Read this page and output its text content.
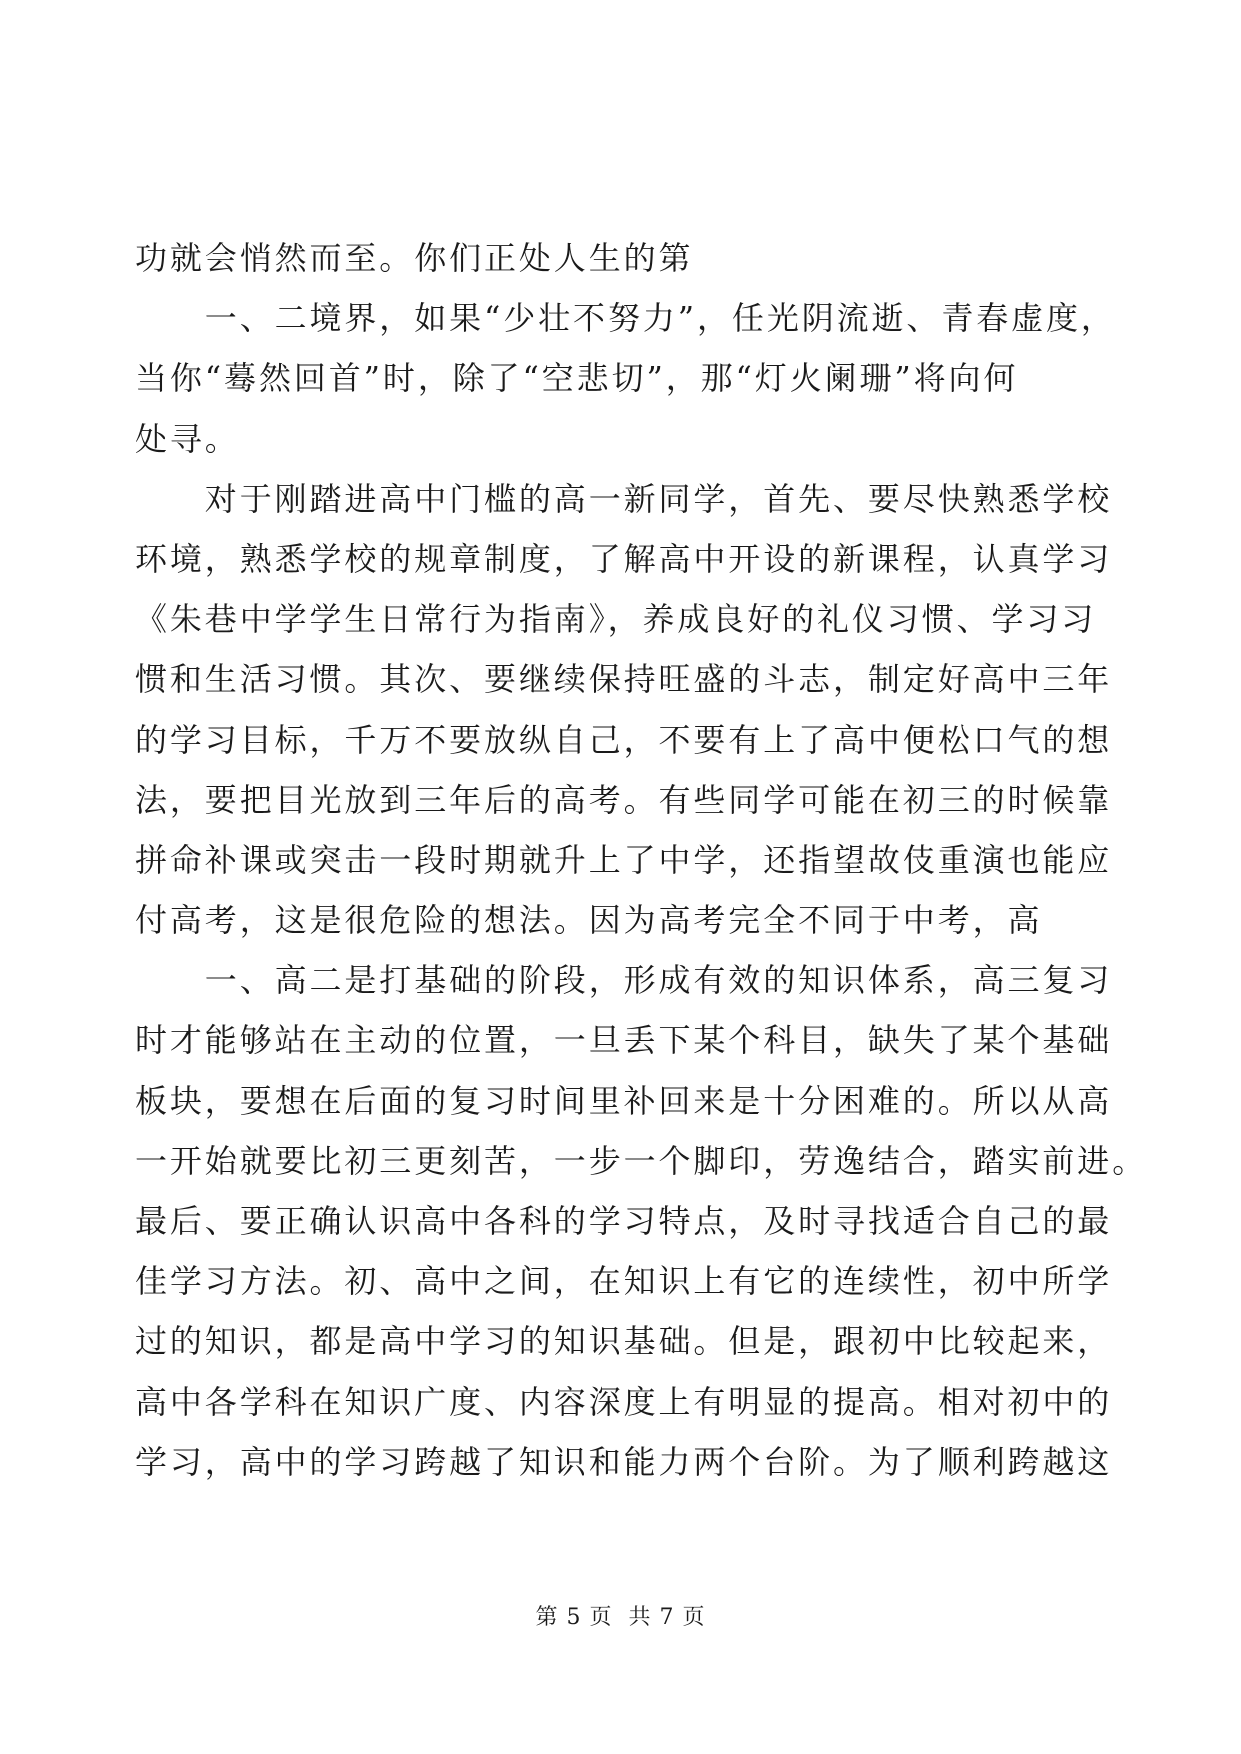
功就会悄然而至。你们正处人生的第
　　一、二境界，如果“少壮不努力”，任光阴流逝、青春虚度，
当你“蓦然回首”时，除了“空悲切”，那“灯火阑珊”将向何
处寻。
　　对于刚踏进高中门槛的高一新同学，首先、要尽快熟悉学校
环境，熟悉学校的规章制度，了解高中开设的新课程，认真学习
《朱巷中学学生日常行为指南》，养成良好的礼仪习惯、学习习
惯和生活习惯。其次、要继续保持旺盛的斗志，制定好高中三年
的学习目标，千万不要放纵自己，不要有上了高中便松口气的想
法，要把目光放到三年后的高考。有些同学可能在初三的时候靠
拼命补课或突击一段时期就升上了中学，还指望故伎重演也能应
付高考，这是很危险的想法。因为高考完全不同于中考，高
　　一、高二是打基础的阶段，形成有效的知识体系，高三复习
时才能够站在主动的位置，一旦丢下某个科目，缺失了某个基础
板块，要想在后面的复习时间里补回来是十分困难的。所以从高
一开始就要比初三更刻苦，一步一个脚印，劳逸结合，踏实前进。
最后、要正确认识高中各科的学习特点，及时寻找适合自己的最
佳学习方法。初、高中之间，在知识上有它的连续性，初中所学
过的知识，都是高中学习的知识基础。但是，跟初中比较起来，
高中各学科在知识广度、内容深度上有明显的提高。相对初中的
学习，高中的学习跨越了知识和能力两个台阶。为了顺利跨越这
第 5 页  共 7 页
